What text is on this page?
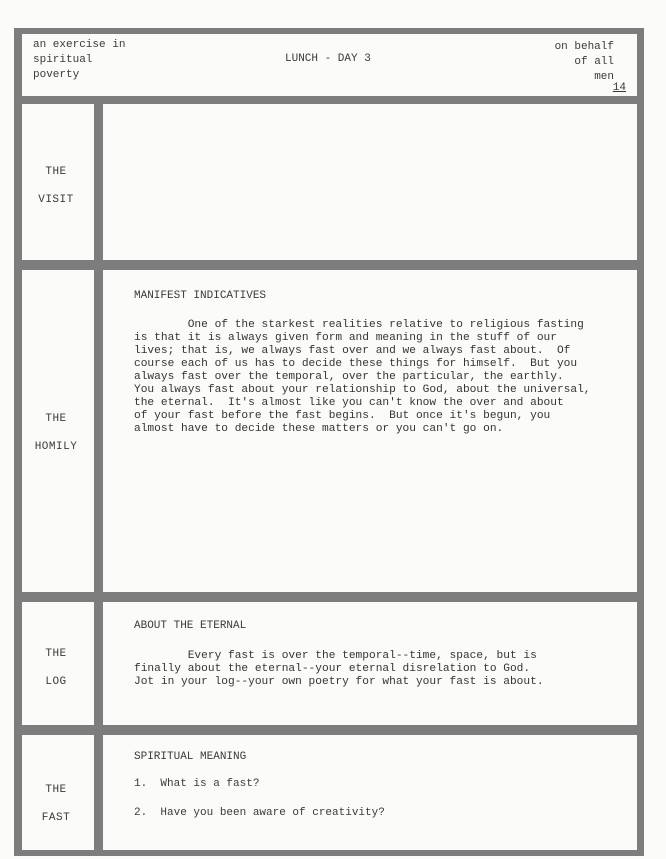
an exercise in
spiritual
poverty
LUNCH - DAY 3
on behalf
of all
men
14
THE
VISIT
THE
HOMILY
MANIFEST INDICATIVES
One of the starkest realities relative to religious fasting
is that it is always given form and meaning in the stuff of our
lives; that is, we always fast over and we always fast about.  Of
course each of us has to decide these things for himself.  But you
always fast over the temporal, over the particular, the earthly.
You always fast about your relationship to God, about the universal,
the eternal.  It's almost like you can't know the over and about
of your fast before the fast begins.  But once it's begun, you
almost have to decide these matters or you can't go on.
THE
LOG
ABOUT THE ETERNAL
Every fast is over the temporal--time, space, but is
finally about the eternal--your eternal disrelation to God.
Jot in your log--your own poetry for what your fast is about.
THE
FAST
SPIRITUAL MEANING
1.  What is a fast?
2.  Have you been aware of creativity?
